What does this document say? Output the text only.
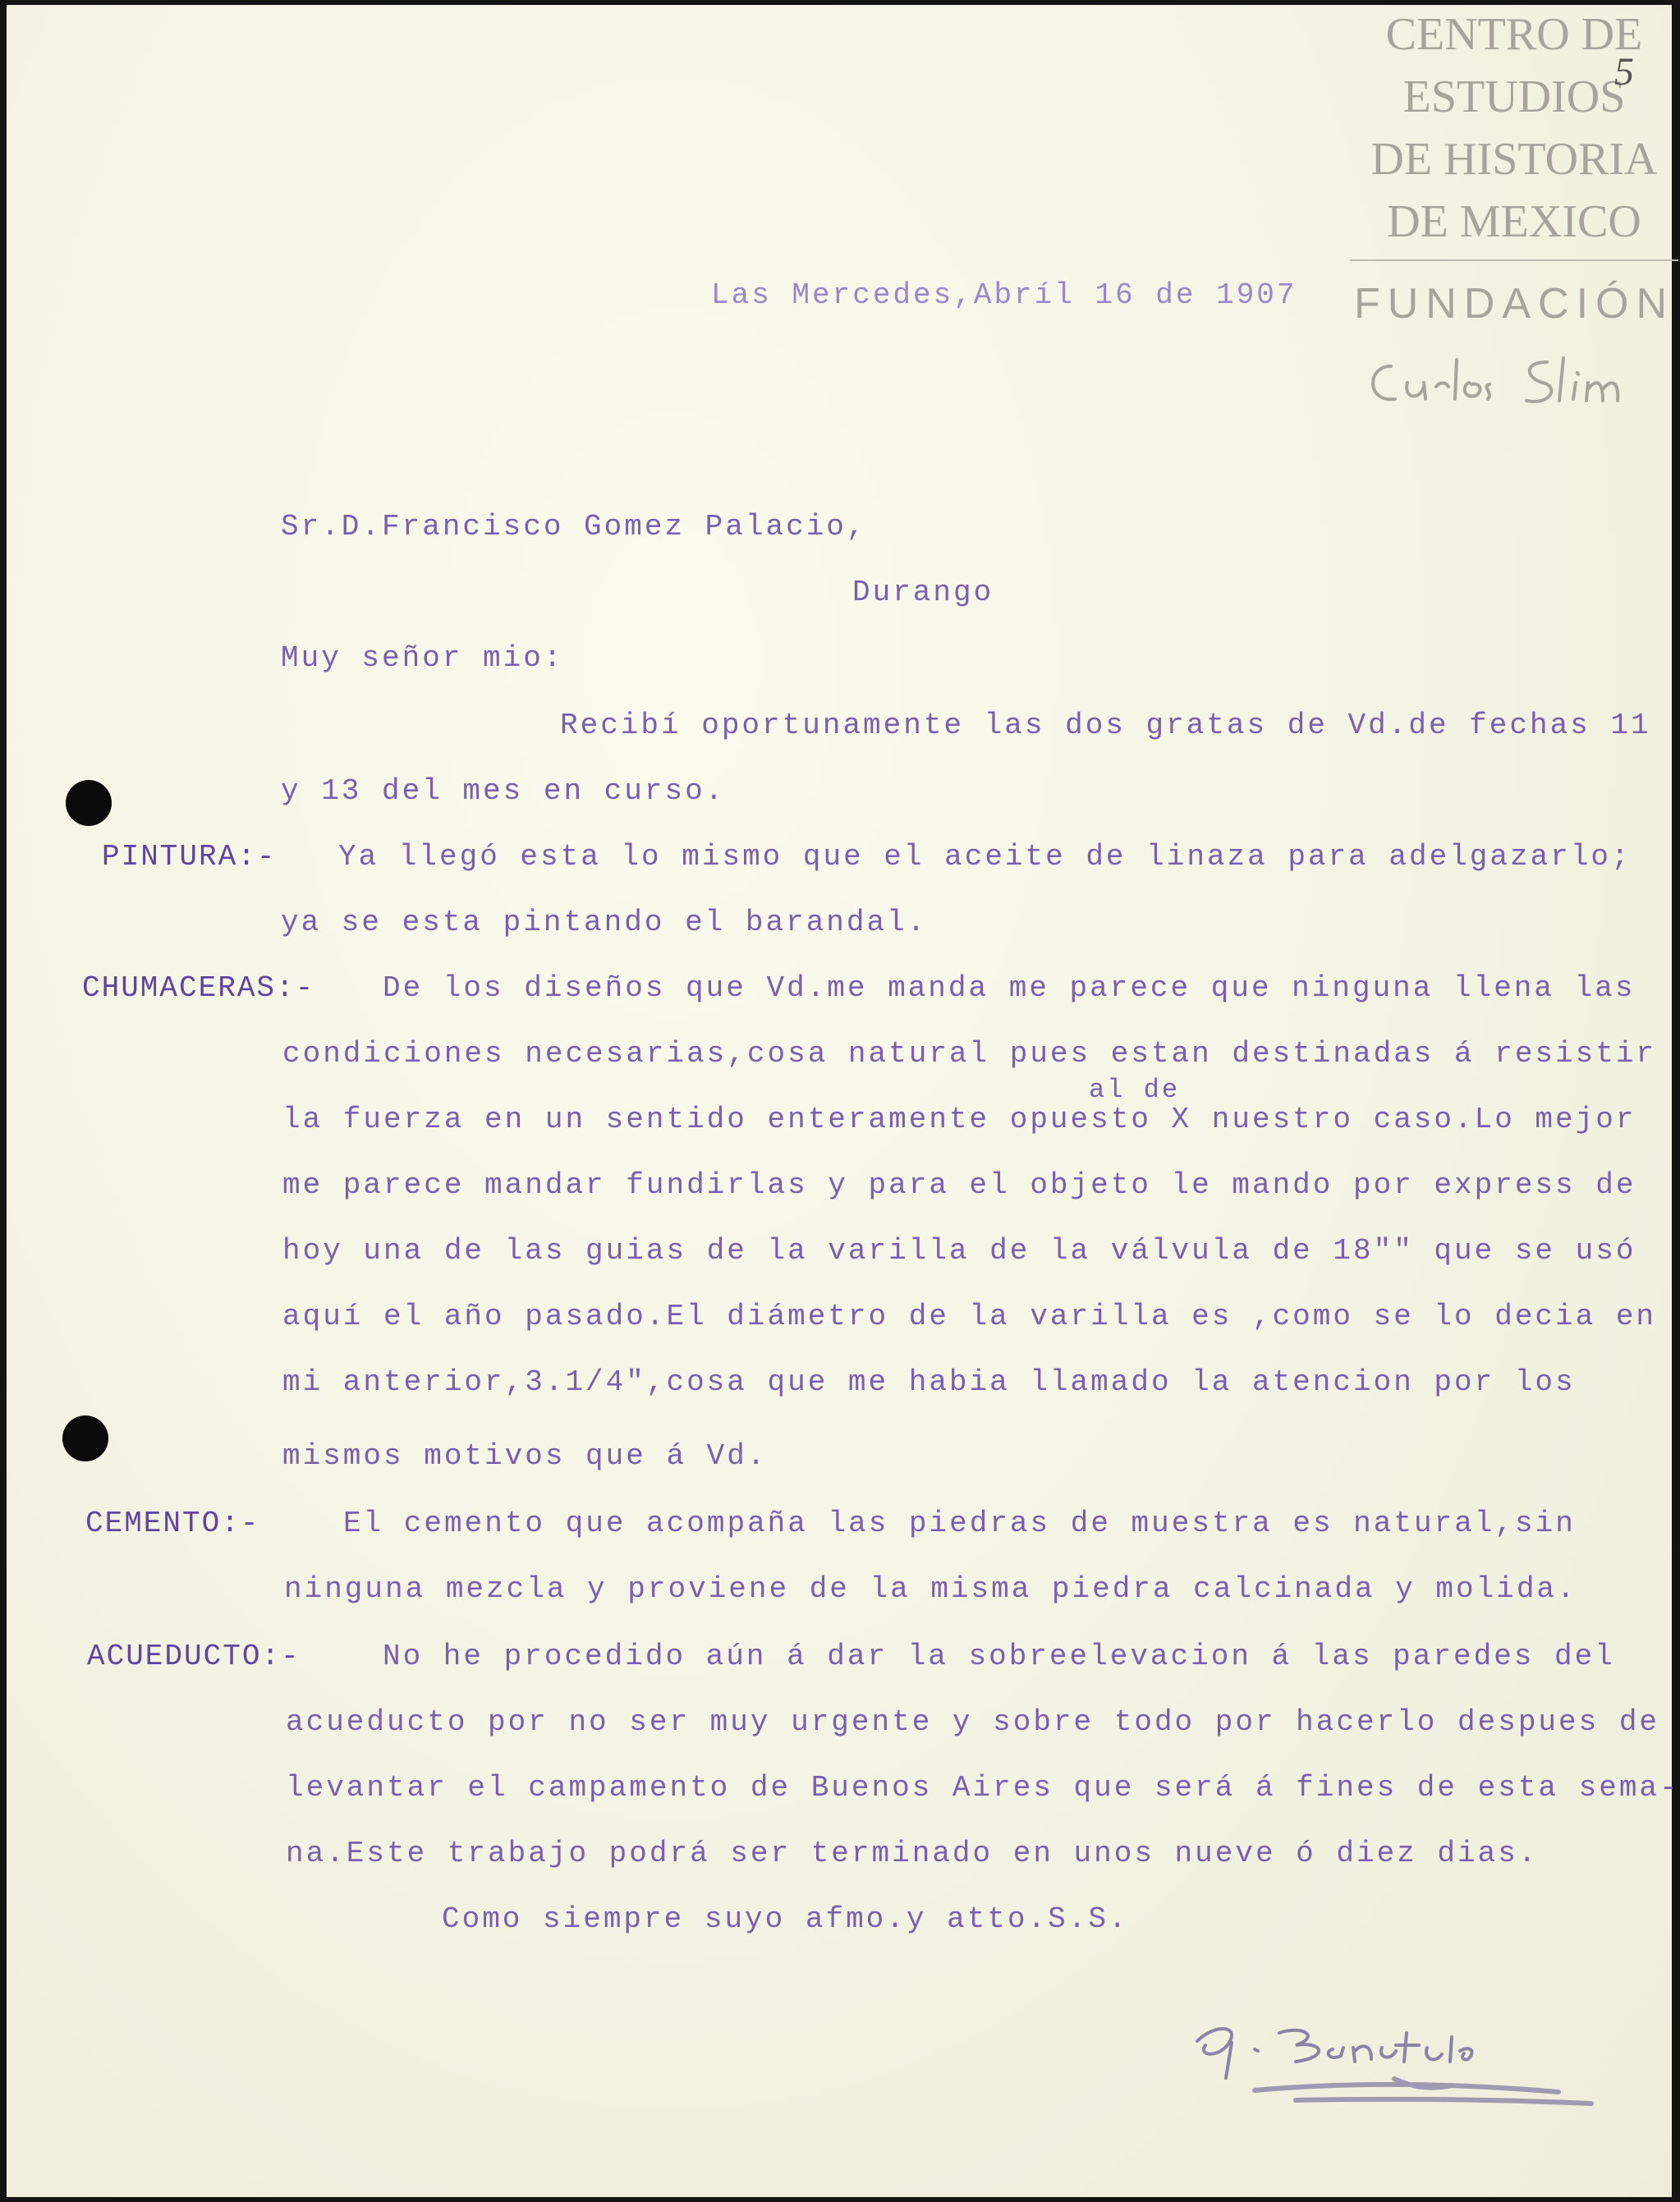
CENTRO DE
ESTUDIOS
DE HISTORIA
DE MEXICO
FUNDACIÓN
5
Las Mercedes,Abríl 16 de 1907
Sr.D.Francisco Gomez Palacio,
Durango
Muy señor mio:
Recibí oportunamente las dos gratas de Vd.de fechas 11
y 13 del mes en curso.
PINTURA:- Ya llegó esta lo mismo que el aceite de linaza para adelgazarlo;
ya se esta pintando el barandal.
CHUMACERAS:- De los diseños que Vd.me manda me parece que ninguna llena las
condiciones necesarias,cosa natural pues estan destinadas á resistir
al de
la fuerza en un sentido enteramente opuesto X nuestro caso.Lo mejor
me parece mandar fundirlas y para el objeto le mando por express de
hoy una de las guias de la varilla de la válvula de 18"" que se usó
aquí el año pasado.El diámetro de la varilla es ,como se lo decia en
mi anterior,3.1/4",cosa que me habia llamado la atencion por los
mismos motivos que á Vd.
CEMENTO:-	El cemento que acompaña las piedras de muestra es natural,sin
ninguna mezcla y proviene de la misma piedra calcinada y molida.
ACUEDUCTO:-	No he procedido aún á dar la sobreelevacion á las paredes del
acueducto por no ser muy urgente y sobre todo por hacerlo despues de
levantar el campamento de Buenos Aires que será á fines de esta sema-
na.Este trabajo podrá ser terminado en unos nueve ó diez dias.
Como siempre suyo afmo.y atto.S.S.
